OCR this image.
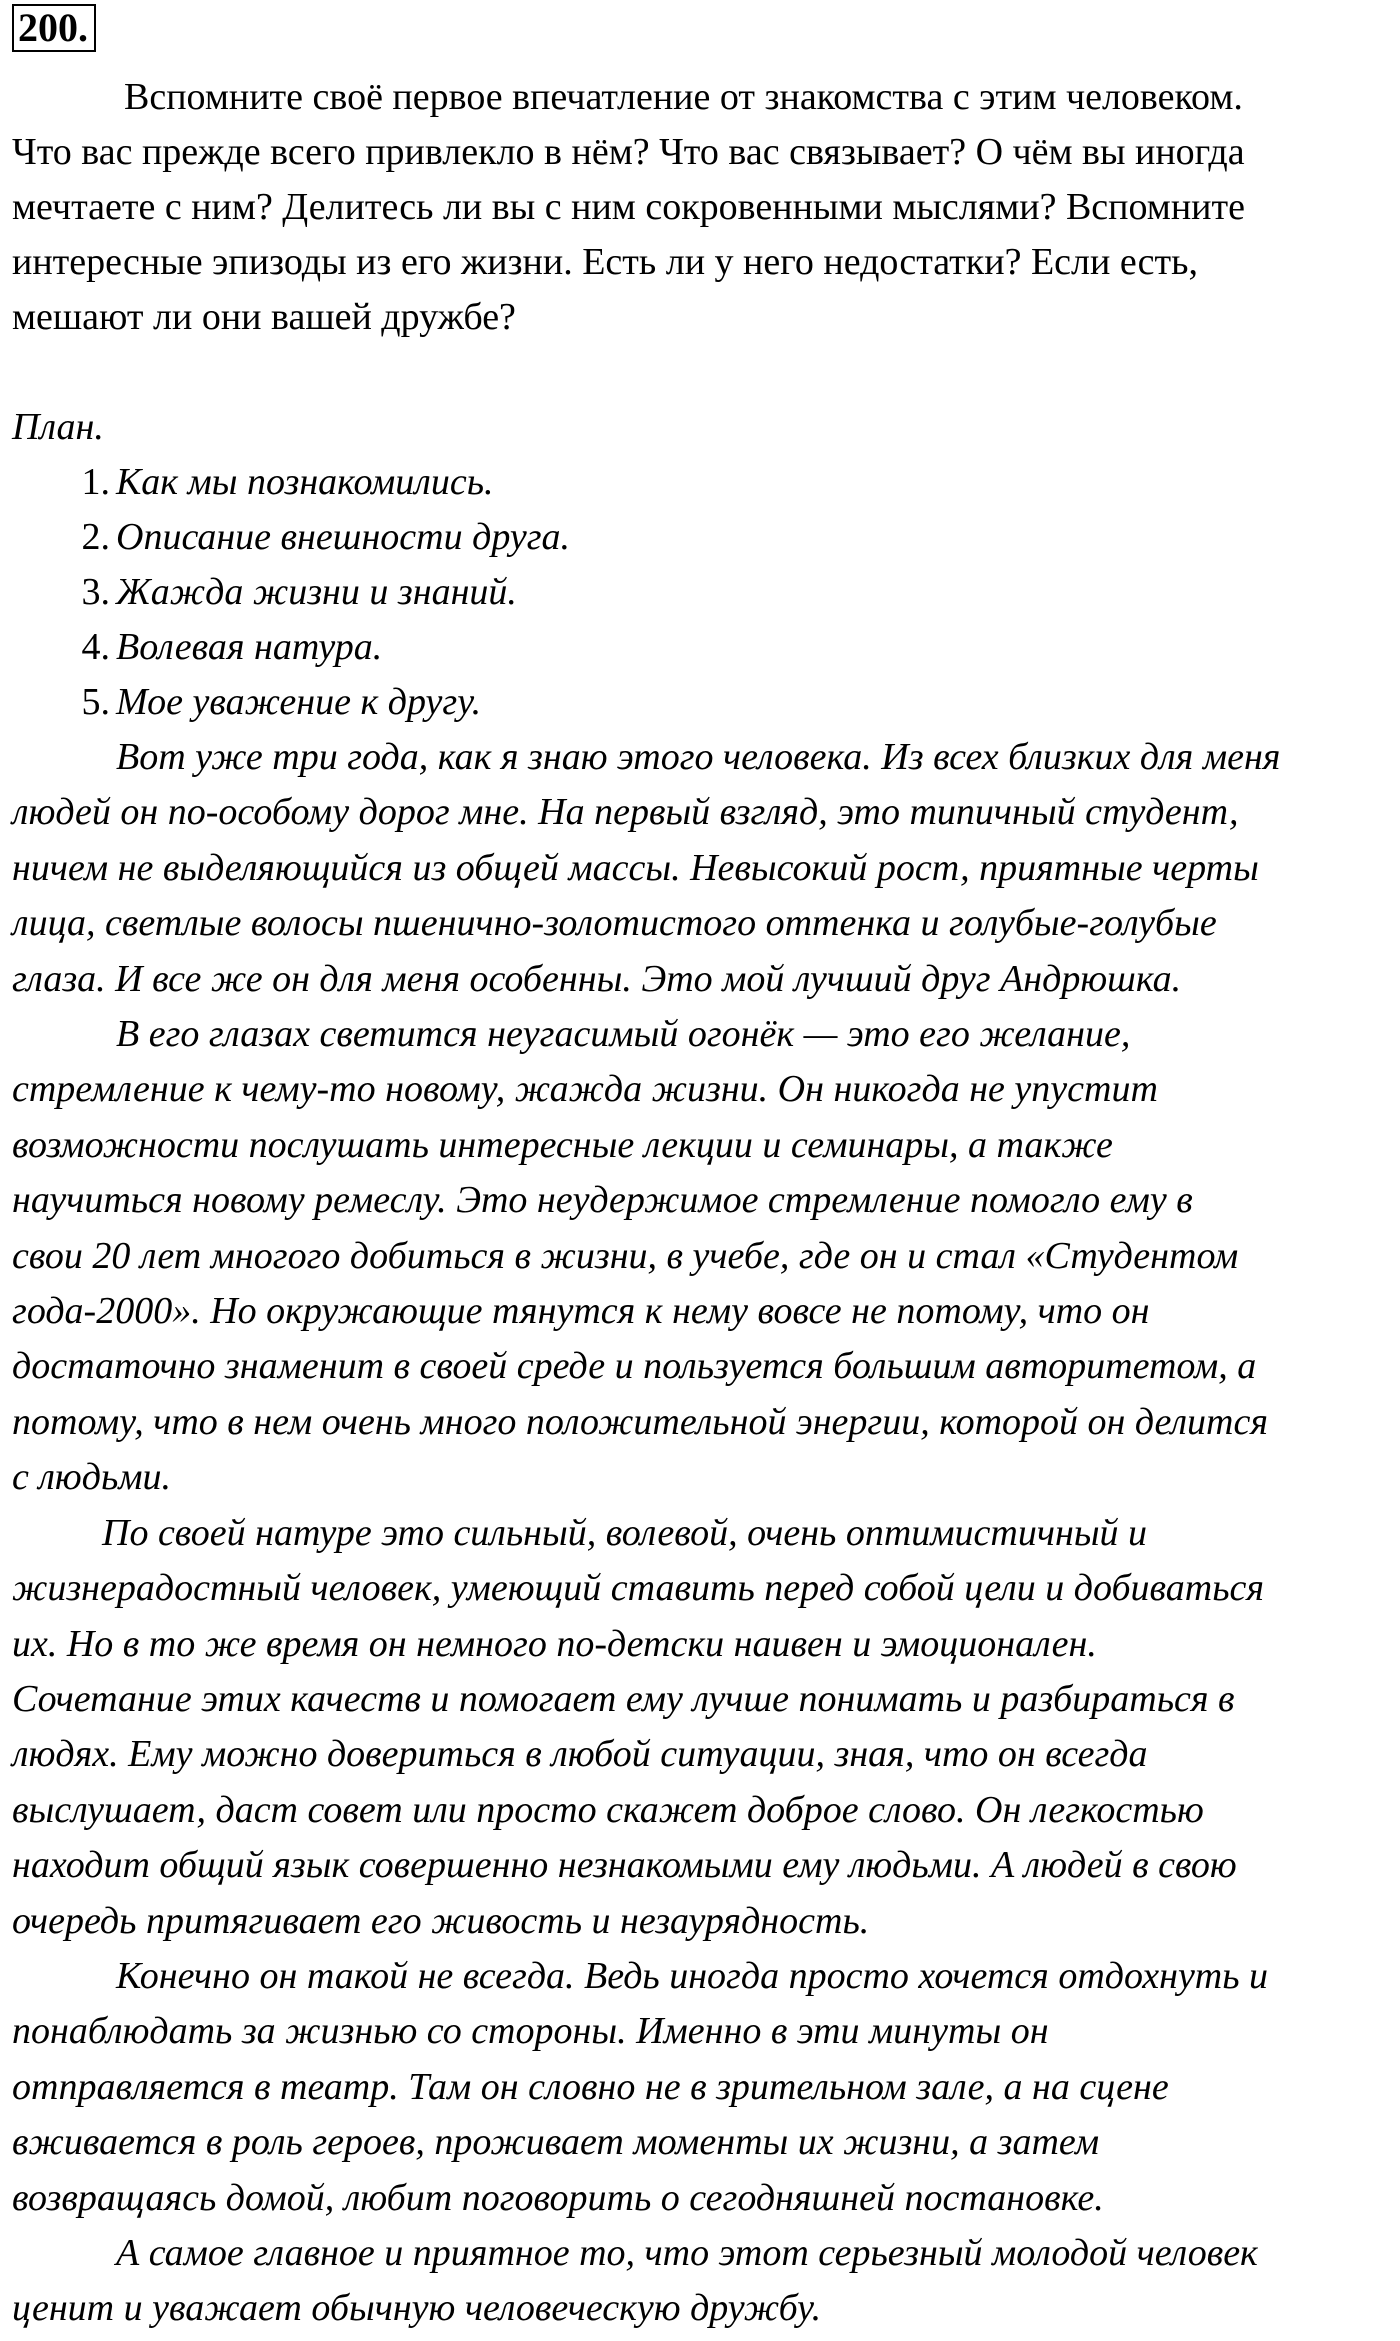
200.
Вспомните своё первое впечатление от знакомства с этим человеком.
Что вас прежде всего привлекло в нём? Что вас связывает? О чём вы иногда
мечтаете с ним? Делитесь ли вы с ним сокровенными мыслями? Вспомните
интересные эпизоды из его жизни. Есть ли у него недостатки? Если есть,
мешают ли они вашей дружбе?
План.
1. Как мы познакомились.
2. Описание внешности друга.
3. Жажда жизни и знаний.
4. Волевая натура.
5. Мое уважение к другу.
Вот уже три года, как я знаю этого человека. Из всех близких для меня
людей он по-особому дорог мне. На первый взгляд, это типичный студент,
ничем не выделяющийся из общей массы. Невысокий рост, приятные черты
лица, светлые волосы пшенично-золотистого оттенка и голубые-голубые
глаза. И все же он для меня особенны. Это мой лучший друг Андрюшка.
В его глазах светится неугасимый огонёк — это его желание,
стремление к чему-то новому, жажда жизни. Он никогда не упустит
возможности послушать интересные лекции и семинары, а также
научиться новому ремеслу. Это неудержимое стремление помогло ему в
свои 20 лет многого добиться в жизни, в учебе, где он и стал «Студентом
года-2000». Но окружающие тянутся к нему вовсе не потому, что он
достаточно знаменит в своей среде и пользуется большим авторитетом, а
потому, что в нем очень много положительной энергии, которой он делится
с людьми.
По своей натуре это сильный, волевой, очень оптимистичный и
жизнерадостный человек, умеющий ставить перед собой цели и добиваться
их. Но в то же время он немного по-детски наивен и эмоционален.
Сочетание этих качеств и помогает ему лучше понимать и разбираться в
людях. Ему можно довериться в любой ситуации, зная, что он всегда
выслушает, даст совет или просто скажет доброе слово. Он легкостью
находит общий язык совершенно незнакомыми ему людьми. А людей в свою
очередь притягивает его живость и незаурядность.
Конечно он такой не всегда. Ведь иногда просто хочется отдохнуть и
понаблюдать за жизнью со стороны. Именно в эти минуты он
отправляется в театр. Там он словно не в зрительном зале, а на сцене
вживается в роль героев, проживает моменты их жизни, а затем
возвращаясь домой, любит поговорить о сегодняшней постановке.
А самое главное и приятное то, что этот серьезный молодой человек
ценит и уважает обычную человеческую дружбу.
